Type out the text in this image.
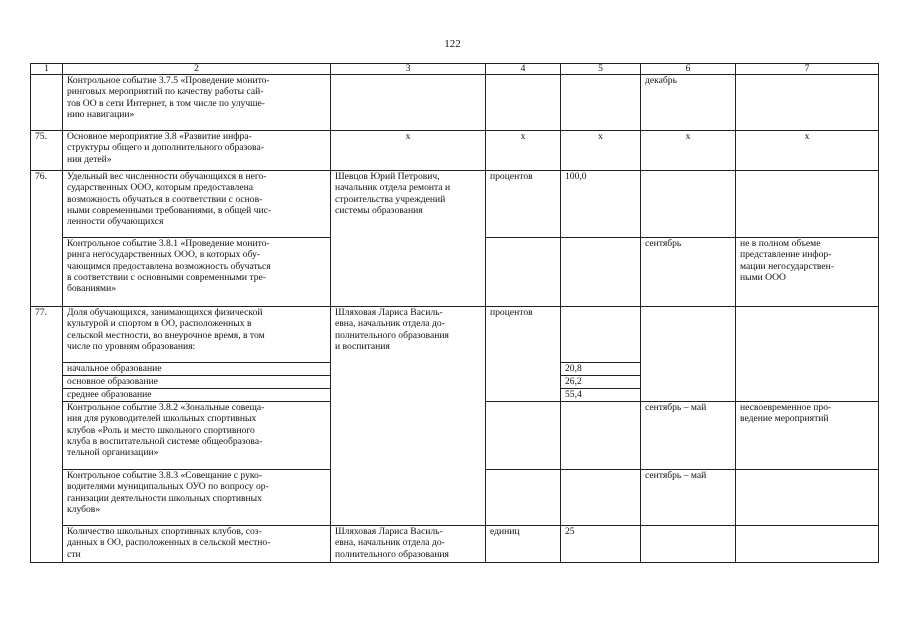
122
1	2	3	4	5	6	7
	Контрольное событие 3.7.5 «Проведение монито-
ринговых мероприятий по качеству работы сай-
тов ОО в сети Интернет, в том числе по улучше-
нию навигации»				декабрь	
75.	Основное мероприятие 3.8 «Развитие инфра-
структуры общего и дополнительного образова-
ния детей»	x	x	x	x	x
76.	Удельный вес численности обучающихся в него-
сударственных ООО, которым предоставлена
возможность обучаться в соответствии с основ-
ными современными требованиями, в общей чис-
ленности обучающихся	Шевцов Юрий Петрович,
начальник отдела ремонта и
строительства учреждений
системы образования	процентов	100,0		
	Контрольное событие 3.8.1 «Проведение монито-
ринга негосударственных ООО, в которых обу-
чающимся предоставлена возможность обучаться
в соответствии с основными современными тре-
бованиями»				сентябрь	не в полном объеме
представление инфор-
мации негосударствен-
ными ООО
77.	Доля обучающихся, занимающихся физической
культурой и спортом в ОО, расположенных в
сельской местности, во внеурочное время, в том
числе по уровням образования:	Шляховая Лариса Василь-
евна, начальник отдела до-
полнительного образования
и воспитания	процентов			
	начальное образование			20,8		
	основное образование			26,2		
	среднее образование			55,4		
	Контрольное событие 3.8.2 «Зональные совеща-
ния для руководителей школьных спортивных
клубов «Роль и место школьного спортивного
клуба в воспитательной системе общеобразова-
тельной организации»				сентябрь – май	несвоевременное про-
ведение мероприятий
	Контрольное событие 3.8.3 «Совещание с руко-
водителями муниципальных ОУО по вопросу ор-
ганизации деятельности школьных спортивных
клубов»				сентябрь – май	
	Количество школьных спортивных клубов, соз-
данных в ОО, расположенных в сельской местно-
сти	Шляховая Лариса Василь-
евна, начальник отдела до-
полнительного образования	единиц	25		
